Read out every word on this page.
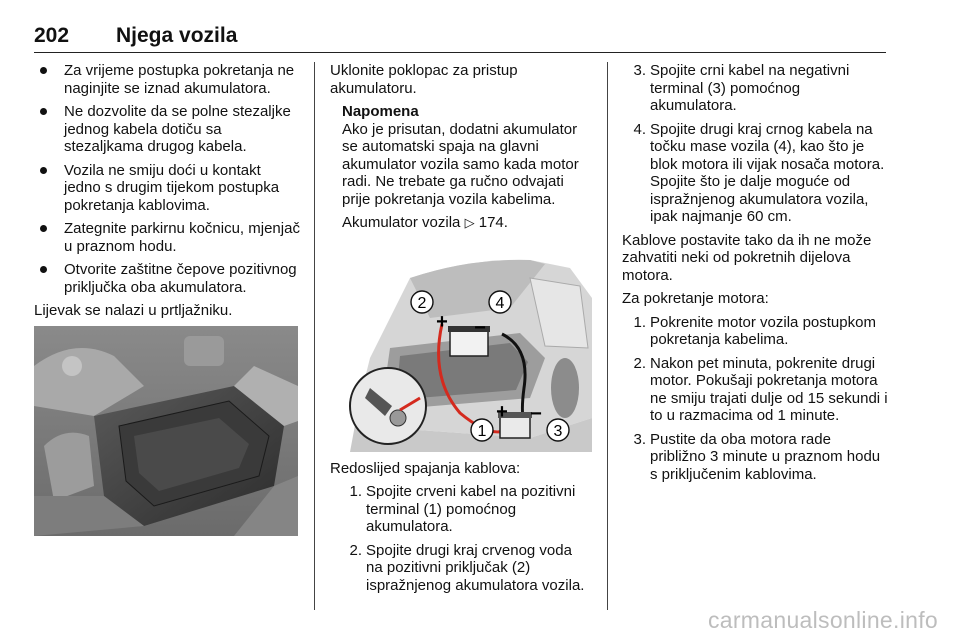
202 Njega vozila
Za vrijeme postupka pokretanja ne naginjite se iznad akumulatora.
Ne dozvolite da se polne stezaljke jednog kabela dotiču sa stezaljkama drugog kabela.
Vozila ne smiju doći u kontakt jedno s drugim tijekom postupka pokretanja kablovima.
Zategnite parkirnu kočnicu, mjenjač u praznom hodu.
Otvorite zaštitne čepove pozitivnog priključka oba akumulatora.

Lijevak se nalazi u prtljažniku.

Uklonite poklopac za pristup akumulatoru.

Napomena
Ako je prisutan, dodatni akumulator se automatski spaja na glavni akumulator vozila samo kada motor radi. Ne trebate ga ručno odvajati prije pokretanja vozila kabelima.
Akumulator vozila ▷ 174.
2	4
1	3
+ −
+ −

Redoslijed spajanja kablova:

1. Spojite crveni kabel na pozitivni terminal (1) pomoćnog akumulatora.
2. Spojite drugi kraj crvenog voda na pozitivni priključak (2) ispražnjenog akumulatora vozila.
3. Spojite crni kabel na negativni terminal (3) pomoćnog akumulatora.
4. Spojite drugi kraj crnog kabela na točku mase vozila (4), kao što je blok motora ili vijak nosača motora. Spojite što je dalje moguće od ispražnjenog akumulatora vozila, ipak najmanje 60 cm.

Kablove postavite tako da ih ne može zahvatiti neki od pokretnih dijelova motora.

Za pokretanje motora:

1. Pokrenite motor vozila postupkom pokretanja kabelima.
2. Nakon pet minuta, pokrenite drugi motor. Pokušaji pokretanja motora ne smiju trajati dulje od 15 sekundi i to u razmacima od 1 minute.
3. Pustite da oba motora rade približno 3 minute u praznom hodu s priključenim kablovima.
carmanualsonline.info
